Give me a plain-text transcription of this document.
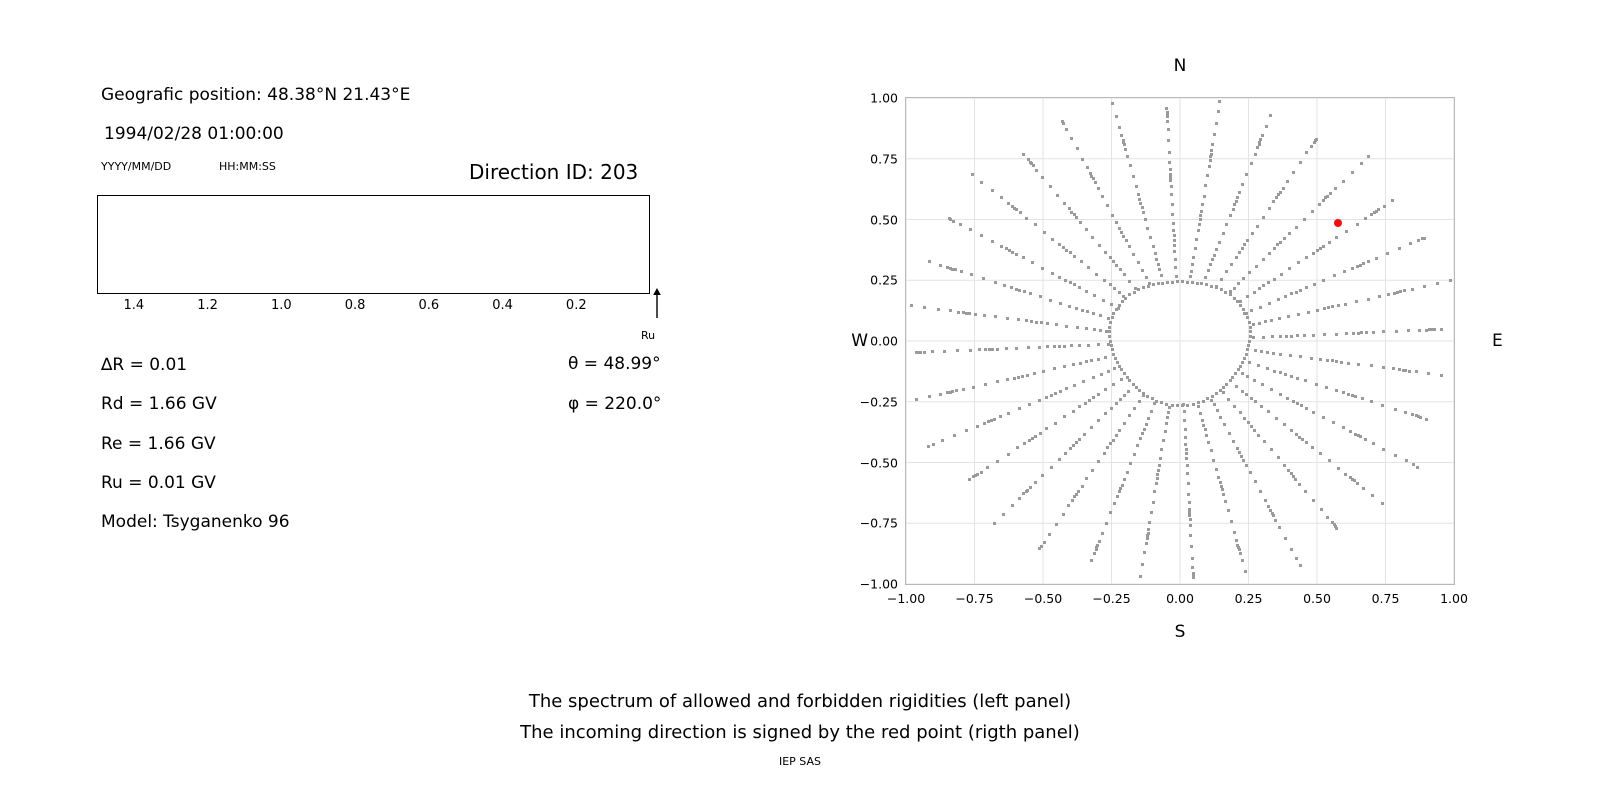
Geografic position: 48.38°N 21.43°E
1994/02/28 01:00:00
YYYY/MM/DD	HH:MM:SS	Direction ID: 203
1.4	1.2	1.0	0.8	0.6	0.4	0.2
Ru
∆R = 0.01
Rd = 1.66 GV
Re = 1.66 GV
Ru = 0.01 GV
Model: Tsyganenko 96
θ = 48.99°
φ = 220.0°
N
S
W	E
−1.00
−0.75
−0.50
−0.25
0.00
0.25
0.50
0.75
1.00
−1.00 −0.75 −0.50 −0.25	0.00	0.25	0.50	0.75	1.00
The spectrum of allowed and forbidden rigidities (left panel)
The incoming direction is signed by the red point (rigth panel)
IEP SAS
